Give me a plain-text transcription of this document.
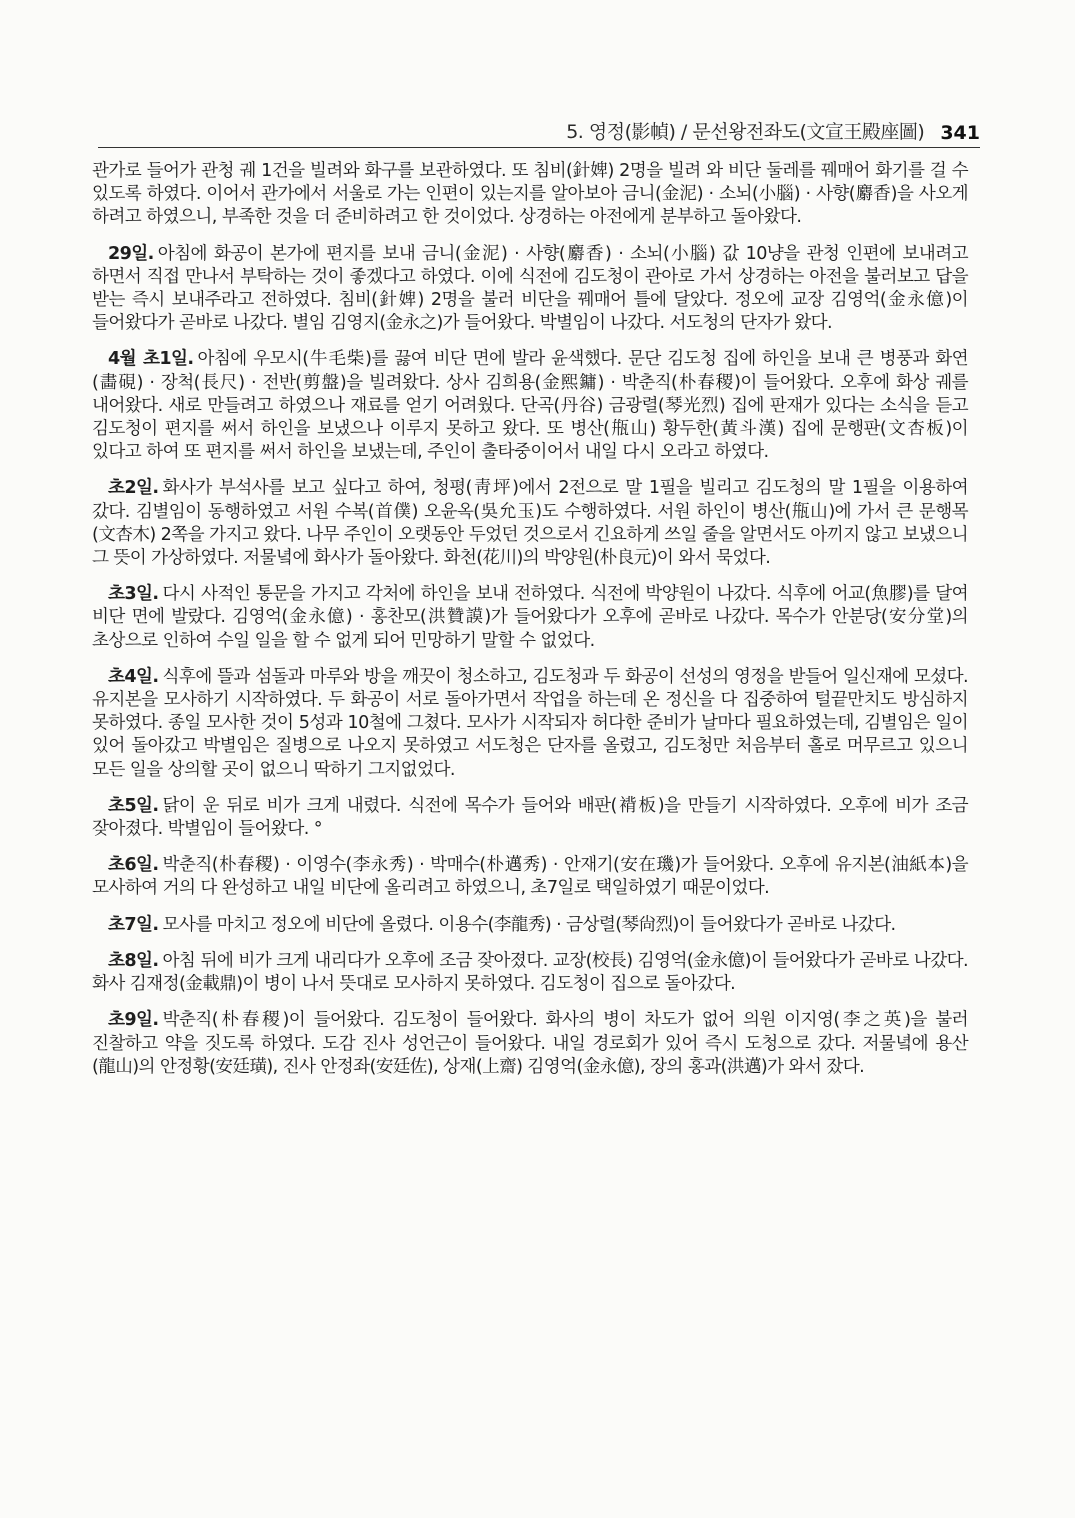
5. 영정(影幀) / 문선왕전좌도(文宣王殿座圖) 341

관가로 들어가 관청 궤 1건을 빌려와 화구를 보관하였다. 또 침비(針婢) 2명을 빌려 와 비단 둘레를 꿰매어 화기를 걸 수 있도록 하였다. 이어서 관가에서 서울로 가는 인편이 있는지를 알아보아 금니(金泥) · 소뇌(小腦) · 사향(麝香)을 사오게 하려고 하였으니, 부족한 것을 더 준비하려고 한 것이었다. 상경하는 아전에게 분부하고 돌아왔다.

29일. 아침에 화공이 본가에 편지를 보내 금니(金泥) · 사향(麝香) · 소뇌(小腦) 값 10냥을 관청 인편에 보내려고 하면서 직접 만나서 부탁하는 것이 좋겠다고 하였다. 이에 식전에 김도청이 관아로 가서 상경하는 아전을 불러보고 답을 받는 즉시 보내주라고 전하였다. 침비(針婢) 2명을 불러 비단을 꿰매어 틀에 달았다. 정오에 교장 김영억(金永億)이 들어왔다가 곧바로 나갔다. 별임 김영지(金永之)가 들어왔다. 박별임이 나갔다. 서도청의 단자가 왔다.

4월 초1일. 아침에 우모시(牛毛柴)를 끓여 비단 면에 발라 윤색했다. 문단 김도청 집에 하인을 보내 큰 병풍과 화연(畵硯) · 장척(長尺) · 전반(剪盤)을 빌려왔다. 상사 김희용(金熙鏞) · 박춘직(朴春稷)이 들어왔다. 오후에 화상 궤를 내어왔다. 새로 만들려고 하였으나 재료를 얻기 어려웠다. 단곡(丹谷) 금광렬(琴光烈) 집에 판재가 있다는 소식을 듣고 김도청이 편지를 써서 하인을 보냈으나 이루지 못하고 왔다. 또 병산(甁山) 황두한(黃斗漢) 집에 문행판(文杏板)이 있다고 하여 또 편지를 써서 하인을 보냈는데, 주인이 출타중이어서 내일 다시 오라고 하였다.

초2일. 화사가 부석사를 보고 싶다고 하여, 청평(靑坪)에서 2전으로 말 1필을 빌리고 김도청의 말 1필을 이용하여 갔다. 김별임이 동행하였고 서원 수복(首僕) 오윤옥(吳允玉)도 수행하였다. 서원 하인이 병산(甁山)에 가서 큰 문행목(文杏木) 2쪽을 가지고 왔다. 나무 주인이 오랫동안 두었던 것으로서 긴요하게 쓰일 줄을 알면서도 아끼지 않고 보냈으니 그 뜻이 가상하였다. 저물녘에 화사가 돌아왔다. 화천(花川)의 박양원(朴良元)이 와서 묵었다.

초3일. 다시 사적인 통문을 가지고 각처에 하인을 보내 전하였다. 식전에 박양원이 나갔다. 식후에 어교(魚膠)를 달여 비단 면에 발랐다. 김영억(金永億) · 홍찬모(洪贊謨)가 들어왔다가 오후에 곧바로 나갔다. 목수가 안분당(安分堂)의 초상으로 인하여 수일 일을 할 수 없게 되어 민망하기 말할 수 없었다.

초4일. 식후에 뜰과 섬돌과 마루와 방을 깨끗이 청소하고, 김도청과 두 화공이 선성의 영정을 받들어 일신재에 모셨다. 유지본을 모사하기 시작하였다. 두 화공이 서로 돌아가면서 작업을 하는데 온 정신을 다 집중하여 털끝만치도 방심하지 못하였다. 종일 모사한 것이 5성과 10철에 그쳤다. 모사가 시작되자 허다한 준비가 날마다 필요하였는데, 김별임은 일이 있어 돌아갔고 박별임은 질병으로 나오지 못하였고 서도청은 단자를 올렸고, 김도청만 처음부터 홀로 머무르고 있으니 모든 일을 상의할 곳이 없으니 딱하기 그지없었다.

초5일. 닭이 운 뒤로 비가 크게 내렸다. 식전에 목수가 들어와 배판(褙板)을 만들기 시작하였다. 오후에 비가 조금 잦아졌다. 박별임이 들어왔다. °

초6일. 박춘직(朴春稷) · 이영수(李永秀) · 박매수(朴邁秀) · 안재기(安在璣)가 들어왔다. 오후에 유지본(油紙本)을 모사하여 거의 다 완성하고 내일 비단에 올리려고 하였으니, 초7일로 택일하였기 때문이었다.

초7일. 모사를 마치고 정오에 비단에 올렸다. 이용수(李龍秀) · 금상렬(琴尙烈)이 들어왔다가 곧바로 나갔다.

초8일. 아침 뒤에 비가 크게 내리다가 오후에 조금 잦아졌다. 교장(校長) 김영억(金永億)이 들어왔다가 곧바로 나갔다. 화사 김재정(金載鼎)이 병이 나서 뜻대로 모사하지 못하였다. 김도청이 집으로 돌아갔다.

초9일. 박춘직(朴春稷)이 들어왔다. 김도청이 들어왔다. 화사의 병이 차도가 없어 의원 이지영(李之英)을 불러 진찰하고 약을 짓도록 하였다. 도감 진사 성언근이 들어왔다. 내일 경로회가 있어 즉시 도청으로 갔다. 저물녘에 용산(龍山)의 안정황(安廷璜), 진사 안정좌(安廷佐), 상재(上齋) 김영억(金永億), 장의 홍과(洪邁)가 와서 잤다.
